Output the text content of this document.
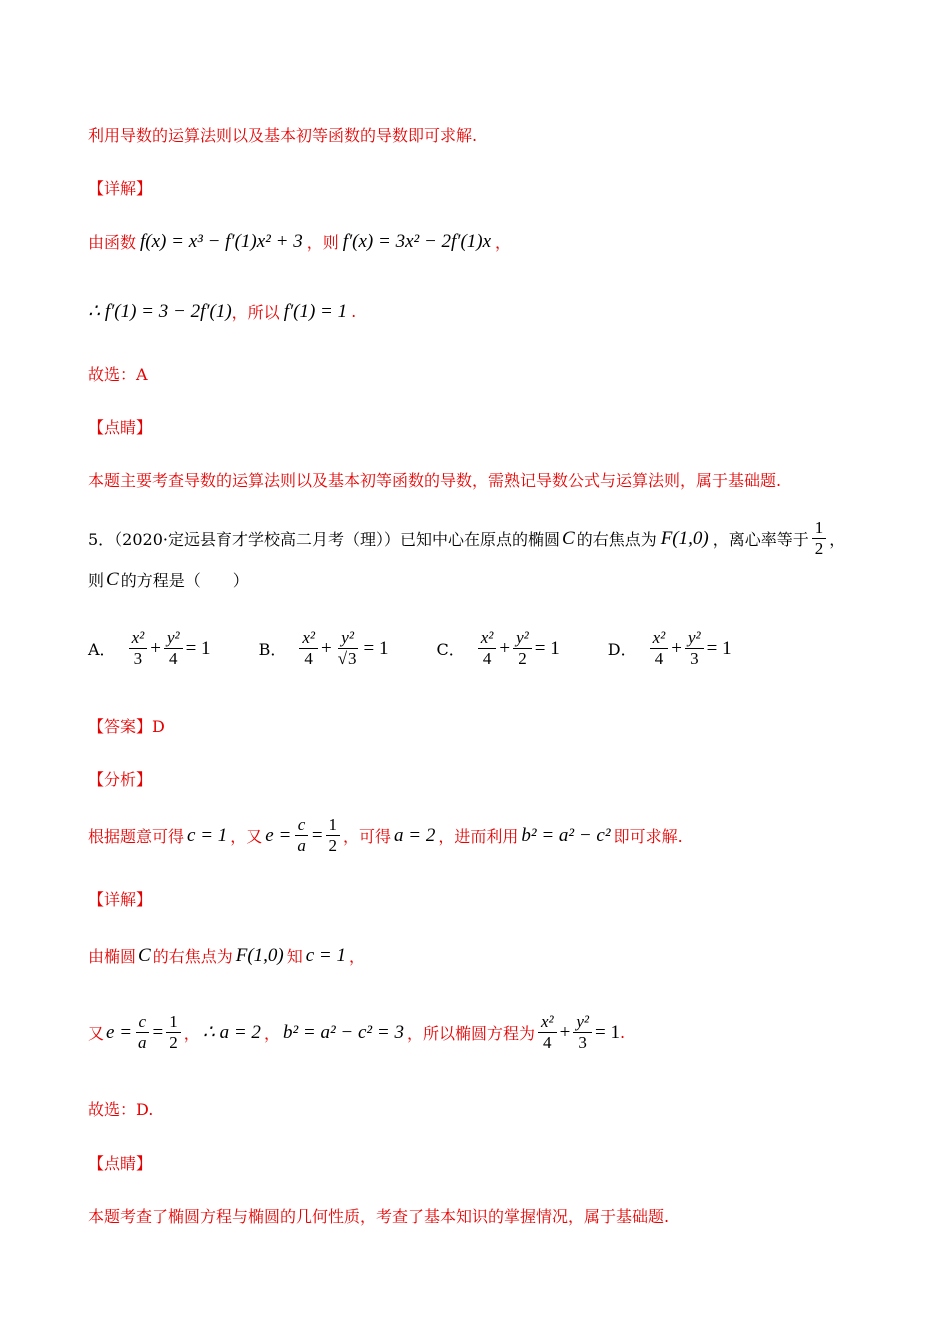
利用导数的运算法则以及基本初等函数的导数即可求解.
【详解】
由函数 f(x) = x³ − f′(1)x² + 3 ，则 f′(x) = 3x² − 2f′(1)x ，
∴ f′(1) = 3 − 2f′(1) ，所以 f′(1) = 1 .
故选：A
【点睛】
本题主要考查导数的运算法则以及基本初等函数的导数，需熟记导数公式与运算法则，属于基础题.
5．（2020·定远县育才学校高二月考（理））已知中心在原点的椭圆 C 的右焦点为 F(1,0) ，离心率等于 $\frac{1}{2}$ ，
则 C 的方程是（　　）
A． $\frac{\text{x²}}{3} + \frac{\text{y²}}{4} = 1$	B． $\frac{\text{x²}}{4} + \frac{\text{y²}}{√3} = 1$	C． $\frac{\text{x²}}{4} + \frac{\text{y²}}{2} = 1$	D． $\frac{\text{x²}}{4} + \frac{\text{y²}}{3} = 1$
【答案】D
【分析】
根据题意可得 c = 1 ，又 $e = \frac{c}{a} = \frac{1}{2}$ ，可得 a = 2 ，进而利用 b² = a² − c² 即可求解.
【详解】
由椭圆 C 的右焦点为 F(1,0) 知 c = 1 ，
又 $e = \frac{c}{a} = \frac{1}{2}$ ， ∴ a = 2 ， b² = a² − c² = 3 ，所以椭圆方程为 $\frac{\text{x²}}{4} + \frac{\text{y²}}{3} = 1$ .
故选：D.
【点睛】
本题考查了椭圆方程与椭圆的几何性质，考查了基本知识的掌握情况，属于基础题.
